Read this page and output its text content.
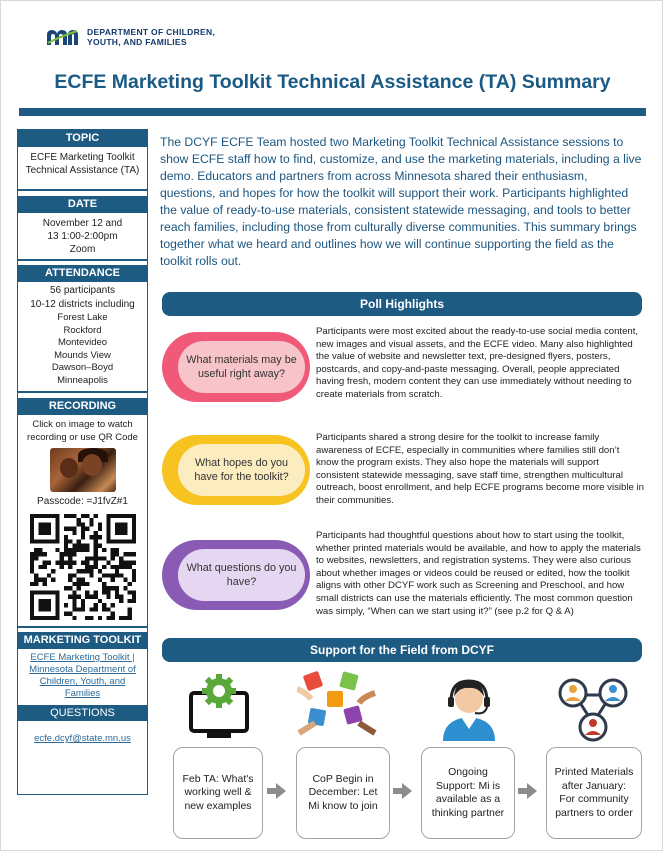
DEPARTMENT OF CHILDREN,
YOUTH, AND FAMILIES
ECFE Marketing Toolkit Technical Assistance (TA) Summary
TOPIC
ECFE Marketing Toolkit Technical Assistance (TA)
DATE
November 12 and
13 1:00-2:00pm
Zoom
ATTENDANCE
56 participants
10-12 districts including
Forest Lake
Rockford
Montevideo
Mounds View
Dawson–Boyd
Minneapolis
RECORDING
Click on image to watch recording or use QR Code
Passcode: =J1fvZ#1
MARKETING TOOLKIT
ECFE Marketing Toolkit | Minnesota Department of Children, Youth, and Families
QUESTIONS
ecfe.dcyf@state.mn.us
The DCYF ECFE Team hosted two Marketing Toolkit Technical Assistance sessions to show ECFE staff how to find, customize, and use the marketing materials, including a live demo. Educators and partners from across Minnesota shared their enthusiasm, questions, and hopes for how the toolkit will support their work. Participants highlighted the value of ready-to-use materials, consistent statewide messaging, and tools to better reach families, including those from culturally diverse communities. This summary brings together what we heard and outlines how we will continue supporting the field as the toolkit rolls out.
Poll Highlights
What materials may be useful right away?
Participants were most excited about the ready-to-use social media content, new images and visual assets, and the ECFE video. Many also highlighted the value of website and newsletter text, pre-designed flyers, posters, postcards, and copy-and-paste messaging. Overall, people appreciated having fresh, modern content they can use immediately without needing to create materials from scratch.
What hopes do you have for the toolkit?
Participants shared a strong desire for the toolkit to increase family awareness of ECFE, especially in communities where families still don’t know the program exists. They also hope the materials will support consistent statewide messaging, save staff time, strengthen multicultural outreach, boost enrollment, and help ECFE programs become more visible in their communities.
What questions do you have?
Participants had thoughtful questions about how to start using the toolkit, whether printed materials would be available, and how to apply the materials to websites, newsletters, and registration systems. They were also curious about whether images or videos could be reused or edited, how the toolkit aligns with other DCYF work such as Screening and Preschool, and how small districts can use the materials efficiently. The most common question was simply, “When can we start using it?” (see p.2 for Q & A)
Support for the Field from DCYF
Feb TA: What's working well & new examples
CoP Begin in December: Let Mi know to join
Ongoing Support: Mi is available as a thinking partner
Printed Materials after January: For community partners to order
